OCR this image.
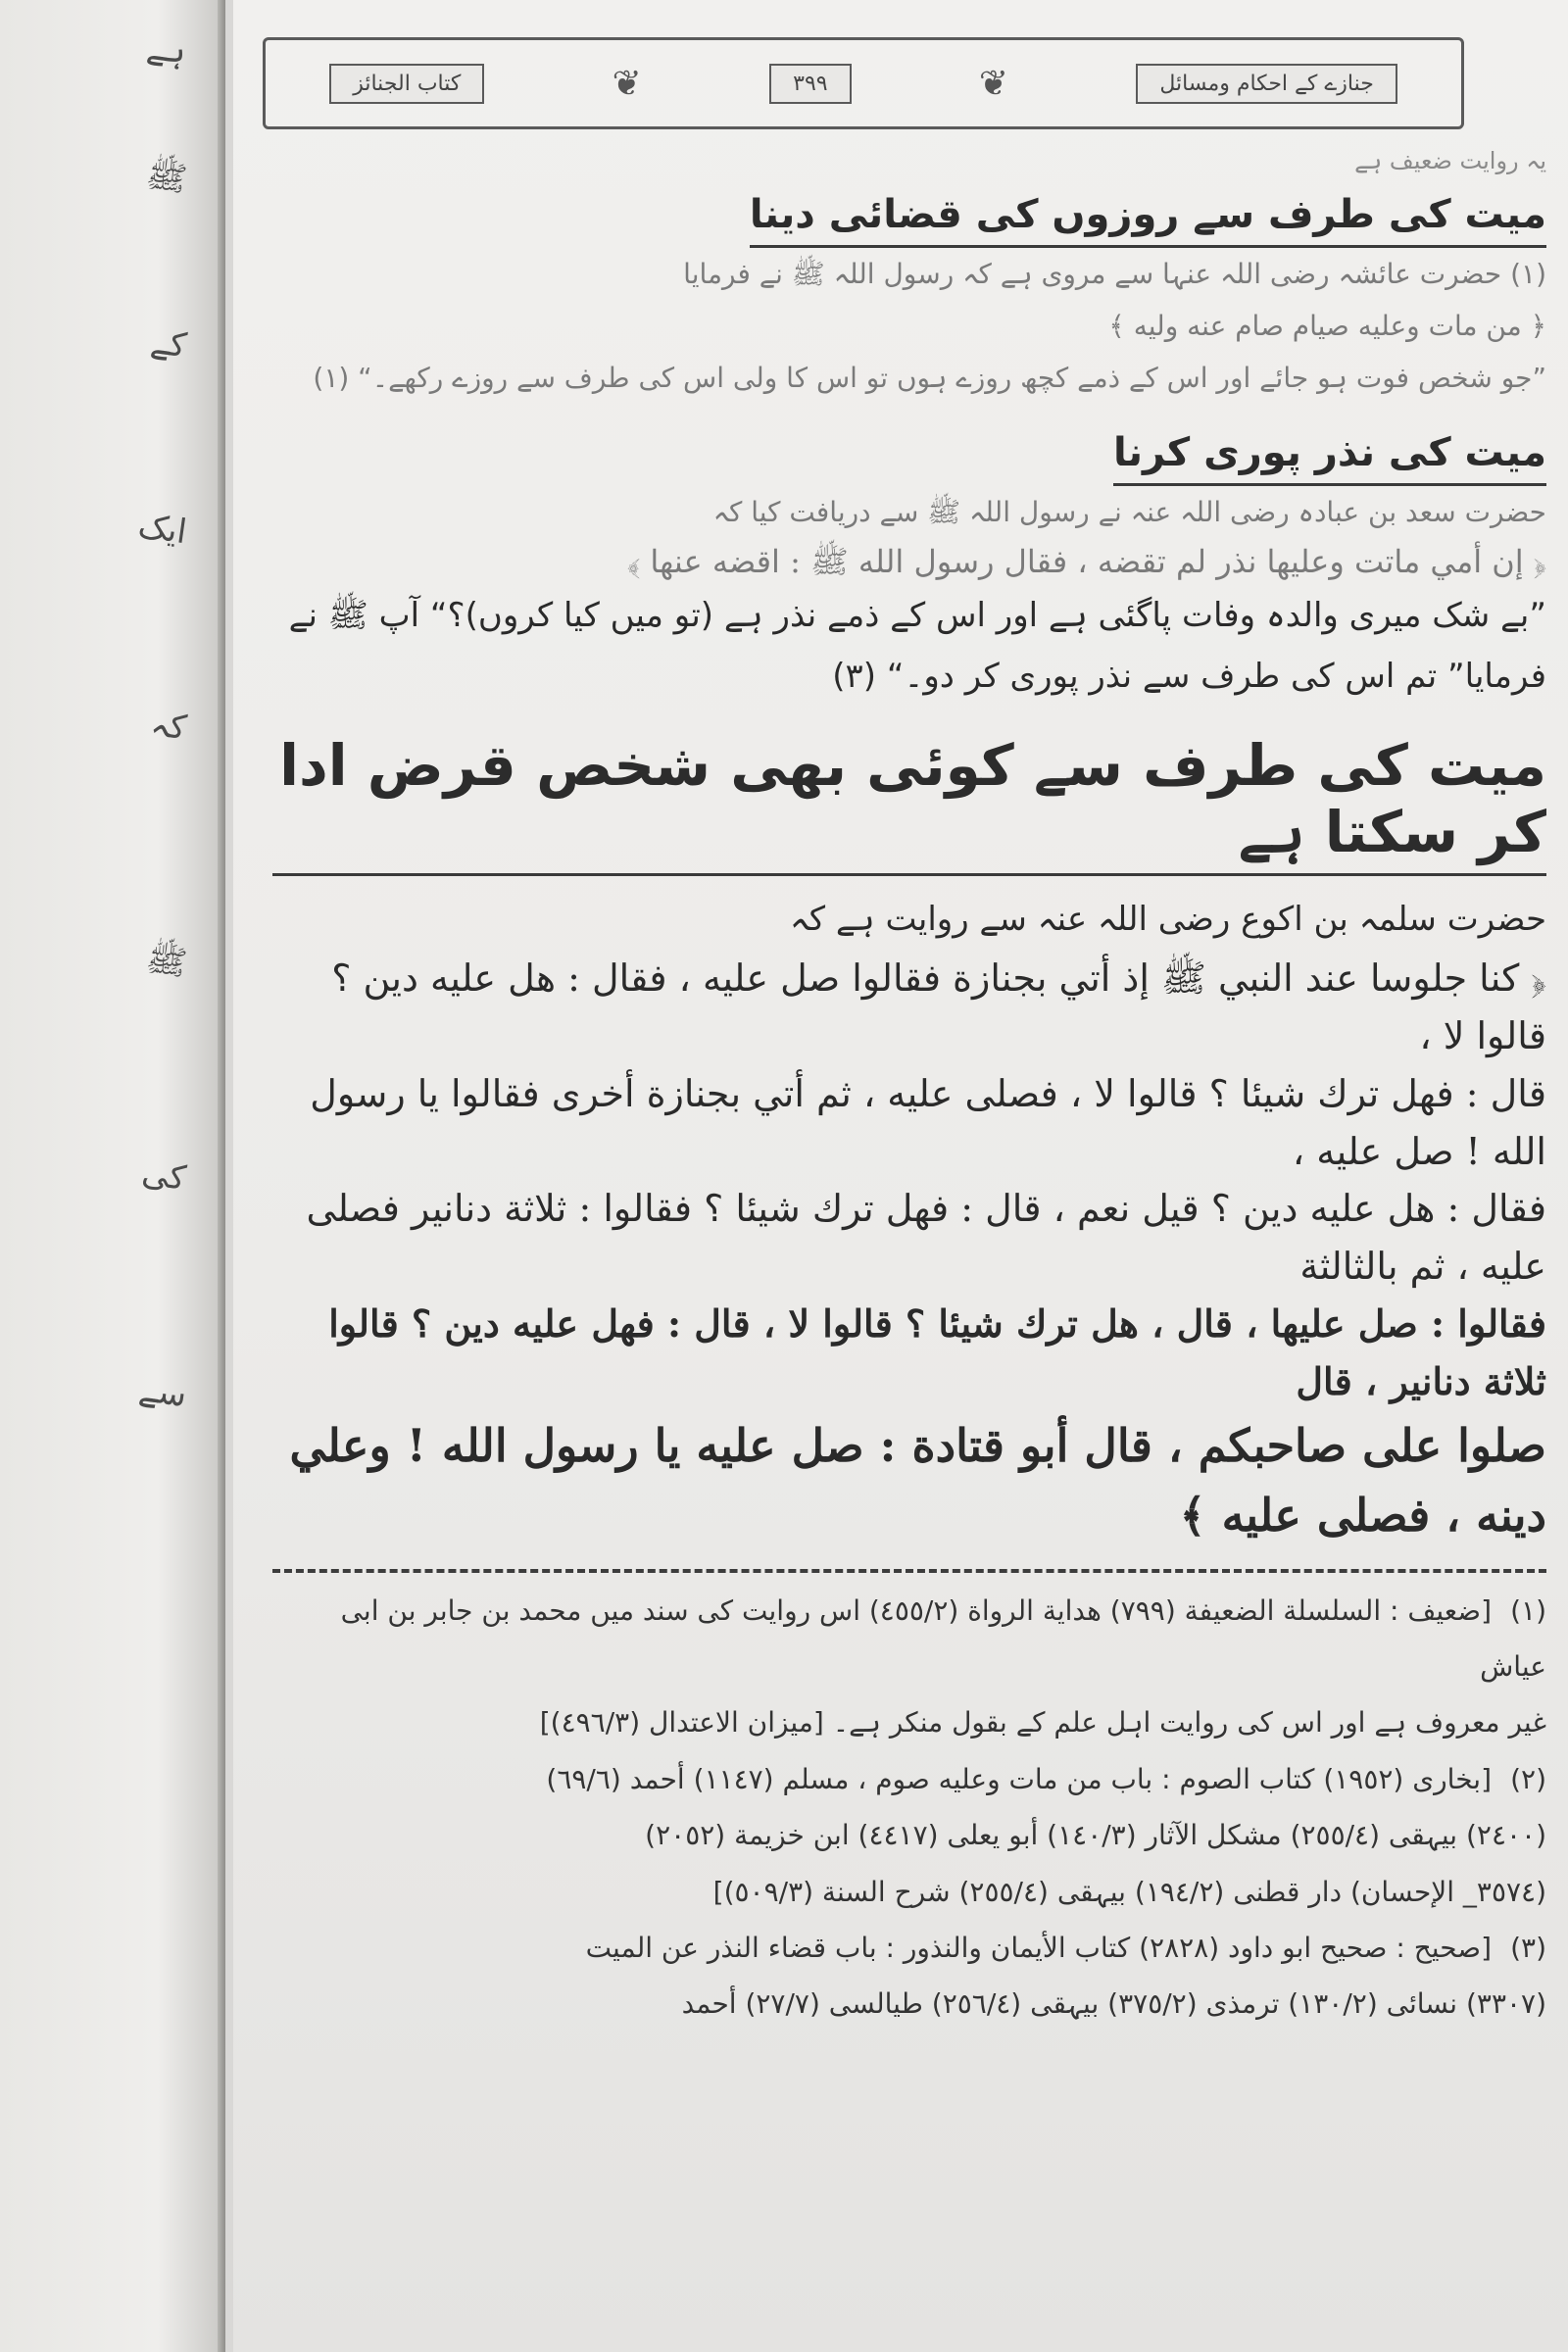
ہے
ﷺ
کے
ایک
کہ
ﷺ
کی
سے
جنازے کے احکام ومسائل
❦
٣٩٩
❦
كتاب الجنائز
یہ روایت ضعیف ہے
میت کی طرف سے روزوں کی قضائی دینا
(١) حضرت عائشہ رضی اللہ عنہا سے مروی ہے کہ رسول اللہ ﷺ نے فرمایا
﴿ من مات وعليه صيام صام عنه وليه ﴾
”جو شخص فوت ہو جائے اور اس کے ذمے کچھ روزے ہوں تو اس کا ولی اس کی طرف سے روزے رکھے۔“ (١)
میت کی نذر پوری کرنا
حضرت سعد بن عبادہ رضی اللہ عنہ نے رسول اللہ ﷺ سے دریافت کیا کہ
﴿ إن أمي ماتت وعليها نذر لم تقضه ، فقال رسول الله ﷺ : اقضه عنها ﴾
”بے شک میری والدہ وفات پاگئی ہے اور اس کے ذمے نذر ہے (تو میں کیا کروں)؟“ آپ ﷺ نے
فرمایا” تم اس کی طرف سے نذر پوری کر دو۔“ (٣)
میت کی طرف سے کوئی بھی شخص قرض ادا کر سکتا ہے
حضرت سلمہ بن اکوع رضی اللہ عنہ سے روایت ہے کہ
﴿ كنا جلوسا عند النبي ﷺ إذ أتي بجنازة فقالوا صل عليه ، فقال : هل عليه دين ؟ قالوا لا ،
قال : فهل ترك شيئا ؟ قالوا لا ، فصلى عليه ، ثم أتي بجنازة أخرى فقالوا يا رسول الله ! صل عليه ،
فقال : هل عليه دين ؟ قيل نعم ، قال : فهل ترك شيئا ؟ فقالوا : ثلاثة دنانير فصلى عليه ، ثم بالثالثة
فقالوا : صل عليها ، قال ، هل ترك شيئا ؟ قالوا لا ، قال : فهل عليه دين ؟ قالوا ثلاثة دنانير ، قال
صلوا على صاحبكم ، قال أبو قتادة : صل عليه يا رسول الله ! وعلي دينه ، فصلى عليه ﴾
(١)[ضعیف : السلسلة الضعيفة (٧٩٩) هداية الرواة (٤٥٥/٢) اس روایت کی سند میں محمد بن جابر بن ابی عیاش
غیر معروف ہے اور اس کی روایت اہل علم کے بقول منکر ہے۔ [ميزان الاعتدال (٤٩٦/٣)]
(٢)[بخاری (١٩٥٢) كتاب الصوم : باب من مات وعليه صوم ، مسلم (١١٤٧) أحمد (٦٩/٦)
(٢٤٠٠) بیہقی (٢٥٥/٤) مشكل الآثار (١٤٠/٣) أبو يعلى (٤٤١٧) ابن خزيمة (٢٠٥٢)
(٣٥٧٤_ الإحسان) دار قطنی (١٩٤/٢) بیہقی (٢٥٥/٤) شرح السنة (٥٠٩/٣)]
(٣)[صحیح : صحيح ابو داود (٢٨٢٨) كتاب الأيمان والنذور : باب قضاء النذر عن الميت
(٣٣٠٧) نسائی (١٣٠/٢) ترمذی (٣٧٥/٢) بیہقی (٢٥٦/٤) طیالسی (٢٧/٧) أحمد
